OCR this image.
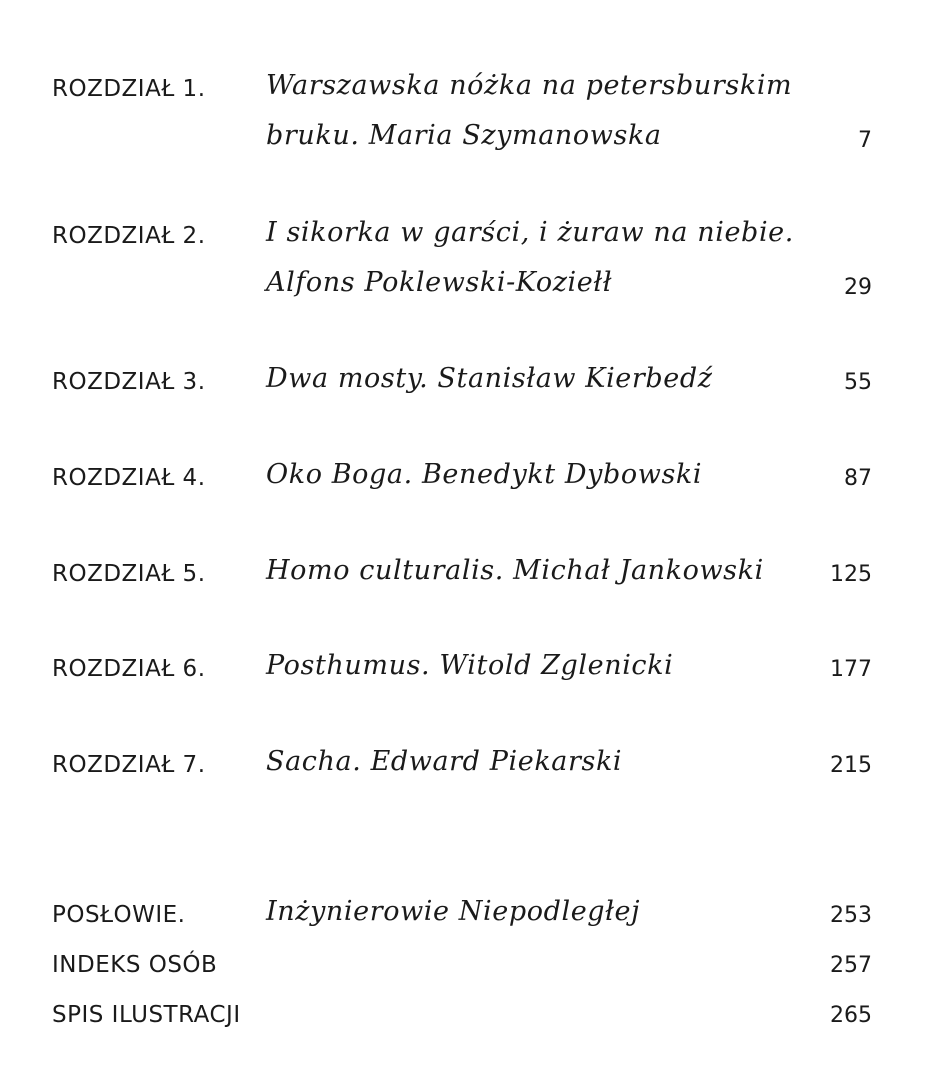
ROZDZIAŁ 1. Warszawska nóżka na petersburskim
bruku. Maria Szymanowska	7
ROZDZIAŁ 2. I sikorka w garści, i żuraw na niebie.
Alfons Poklewski-Koziełł	29
ROZDZIAŁ 3. Dwa mosty. Stanisław Kierbedź	55
ROZDZIAŁ 4. Oko Boga. Benedykt Dybowski	87
ROZDZIAŁ 5. Homo culturalis. Michał Jankowski	125
ROZDZIAŁ 6. Posthumus. Witold Zglenicki	177
ROZDZIAŁ 7. Sacha. Edward Piekarski	215
POSŁOWIE.	Inżynierowie Niepodległej	253
INDEKS OSÓB	257
SPIS ILUSTRACJI	265
